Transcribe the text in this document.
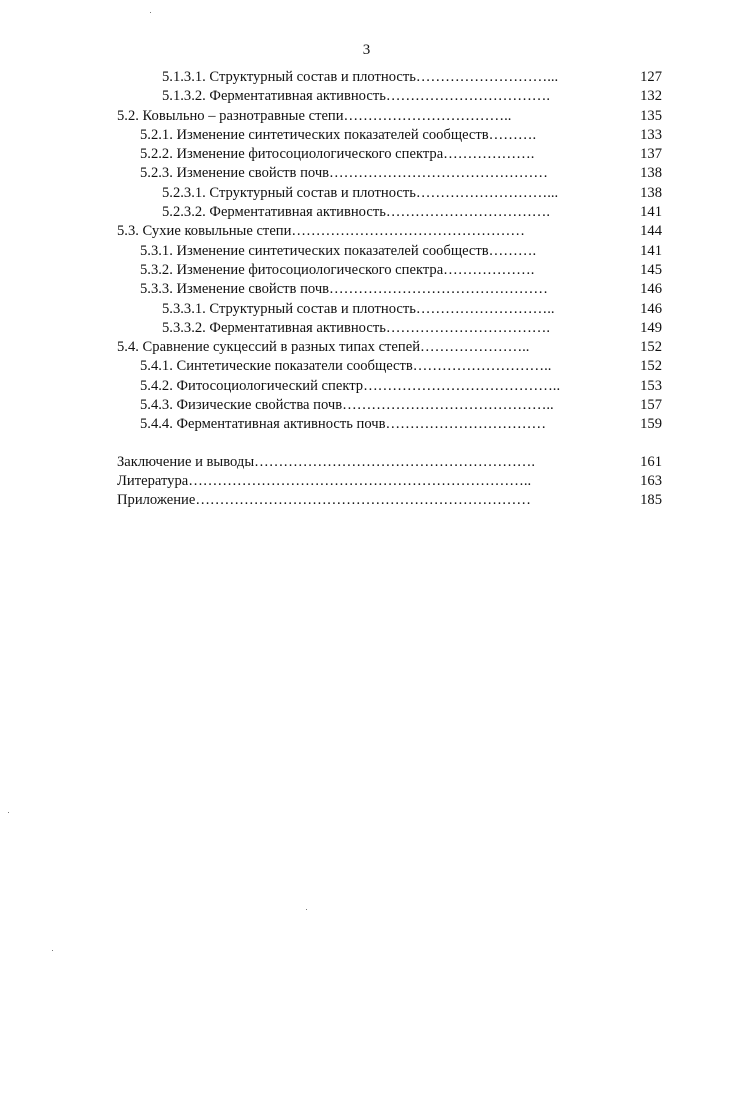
3
5.1.3.1. Структурный состав и плотность………………………...	127
5.1.3.2. Ферментативная активность…………………………….	132
5.2. Ковыльно – разнотравные степи……………………………..	135
5.2.1. Изменение синтетических показателей сообществ……….	133
5.2.2. Изменение фитосоциологического спектра……………….	137
5.2.3. Изменение свойств почв………………………………………	138
5.2.3.1. Структурный состав и плотность………………………...	138
5.2.3.2. Ферментативная активность…………………………….	141
5.3. Сухие ковыльные степи…………………………………………	144
5.3.1. Изменение синтетических показателей сообществ……….	141
5.3.2. Изменение фитосоциологического спектра……………….	145
5.3.3. Изменение свойств почв………………………………………	146
5.3.3.1. Структурный состав и плотность………………………..	146
5.3.3.2. Ферментативная активность…………………………….	149
5.4. Сравнение сукцессий в разных типах степей…………………..	152
5.4.1. Синтетические показатели сообществ………………………..	152
5.4.2. Фитосоциологический спектр…………………………………..	153
5.4.3. Физические свойства почв……………………………………..	157
5.4.4. Ферментативная активность почв……………………………	159
Заключение и выводы………………………………………………….	161
Литература……………………………………………………………..	163
Приложение……………………………………………………………	185
